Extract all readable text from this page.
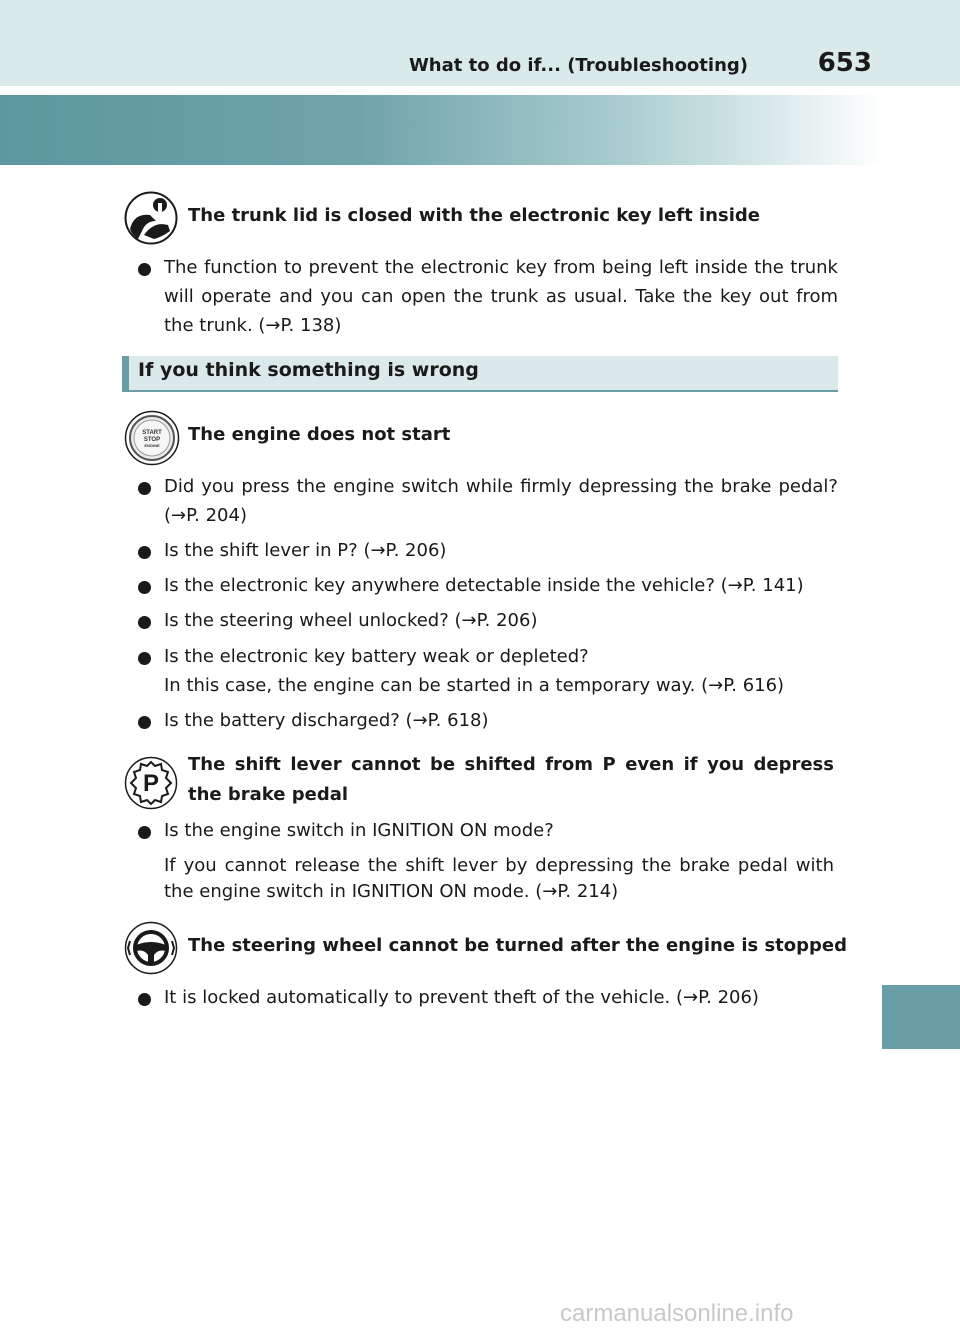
What to do if... (Troubleshooting)	653
The trunk lid is closed with the electronic key left inside
The function to prevent the electronic key from being left inside the trunk will operate and you can open the trunk as usual. Take the key out from the trunk. (→P. 138)
If you think something is wrong
START
STOP
ENGINE
The engine does not start
Did you press the engine switch while firmly depressing the brake pedal? (→P. 204)
Is the shift lever in P? (→P. 206)
Is the electronic key anywhere detectable inside the vehicle? (→P. 141)
Is the steering wheel unlocked? (→P. 206)
Is the electronic key battery weak or depleted?
In this case, the engine can be started in a temporary way. (→P. 616)
Is the battery discharged? (→P. 618)
P
The shift lever cannot be shifted from P even if you depress the brake pedal
Is the engine switch in IGNITION ON mode?
If you cannot release the shift lever by depressing the brake pedal with the engine switch in IGNITION ON mode. (→P. 214)
The steering wheel cannot be turned after the engine is stopped
It is locked automatically to prevent theft of the vehicle. (→P. 206)
carmanualsonline.info
